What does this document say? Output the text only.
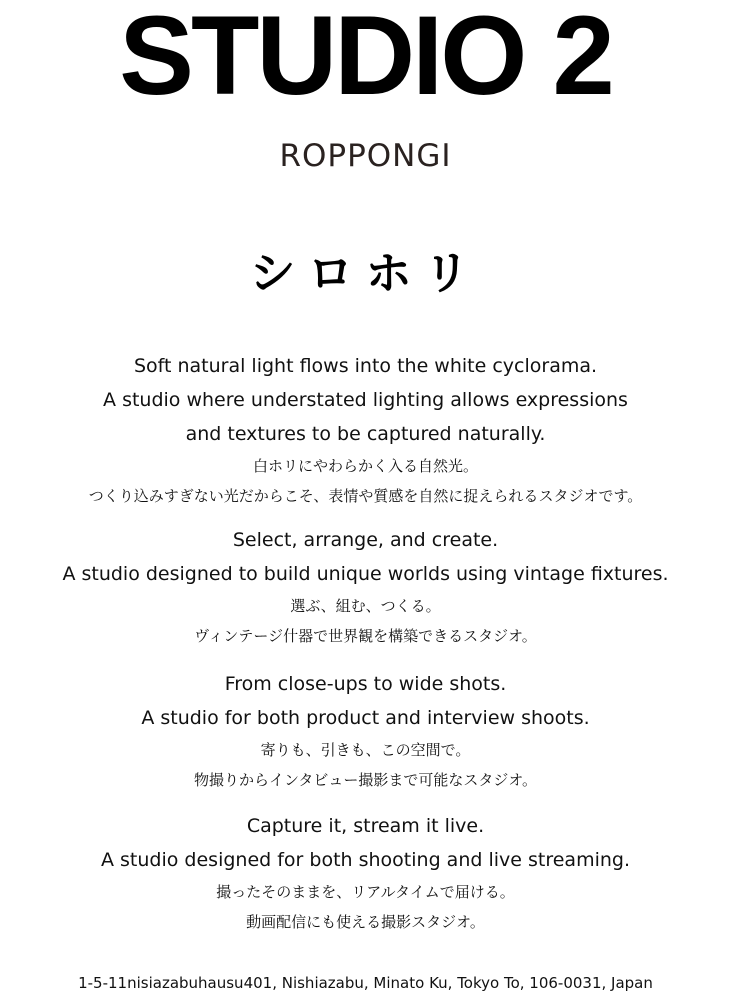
STUDIO 2
ROPPONGI
シロホリ
Soft natural light flows into the white cyclorama.
A studio where understated lighting allows expressions
and textures to be captured naturally.
白ホリにやわらかく入る自然光。
つくり込みすぎない光だからこそ、表情や質感を自然に捉えられるスタジオです。
Select, arrange, and create.
A studio designed to build unique worlds using vintage fixtures.
選ぶ、組む、つくる。
ヴィンテージ什器で世界観を構築できるスタジオ。
From close-ups to wide shots.
A studio for both product and interview shoots.
寄りも、引きも、この空間で。
物撮りからインタビュー撮影まで可能なスタジオ。
Capture it, stream it live.
A studio designed for both shooting and live streaming.
撮ったそのままを、リアルタイムで届ける。
動画配信にも使える撮影スタジオ。
1-5-11nisiazabuhausu401, Nishiazabu, Minato Ku, Tokyo To, 106-0031, Japan
